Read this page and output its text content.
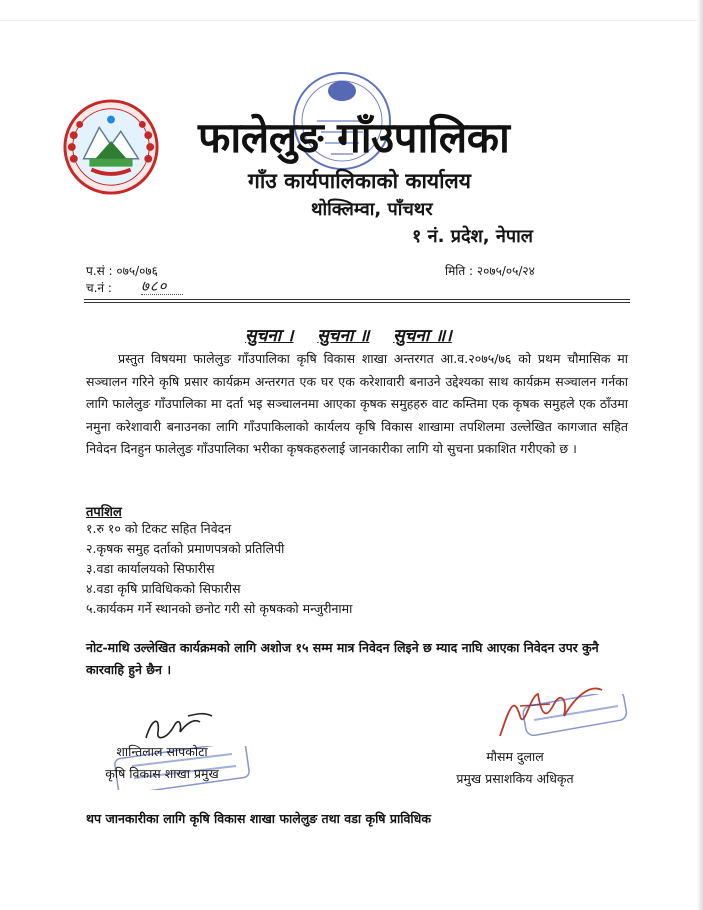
फालेलुङ गाँउपालिका
गाँउ कार्यपालिकाको कार्यालय
थोक्लिम्वा, पाँचथर
१ नं. प्रदेश, नेपाल
प.सं : ०७५/०७६
च.नं : ७८०
मिति : २०७५/०५/२४
सुचना । सुचना ॥ सुचना ॥।
प्रस्तुत विषयमा फालेलुङ गाँउपालिका कृषि विकास शाखा अन्तरगत आ.व.२०७५/७६ को प्रथम चौमासिक मा सञ्चालन गरिने कृषि प्रसार कार्यक्रम अन्तरगत एक घर एक करेशावारी बनाउने उद्देश्यका साथ कार्यक्रम सञ्चालन गर्नका लागि फालेलुङ गाँउपालिका मा दर्ता भइ सञ्चालनमा आएका कृषक समुहहरु वाट कम्तिमा एक कृषक समुहले एक ठाँउमा नमुना करेशावारी बनाउनका लागि गाँउपाकिलाको कार्यलय कृषि विकास शाखामा तपशिलमा उल्लेखित कागजात सहित निवेदन दिनहुन फालेलुङ गाँउपालिका भरीका कृषकहरुलाई जानकारीका लागि यो सुचना प्रकाशित गरीएको छ ।
तपशिल
१.रु १० को टिकट सहित निवेदन
२.कृषक समुह दर्ताको प्रमाणपत्रको प्रतिलिपी
३.वडा कार्यालयको सिफारीस
४.वडा कृषि प्राविधिकको सिफारीस
५.कार्यकम गर्ने स्थानको छनोट गरी सो कृषकको मन्जुरीनामा
नोट-माथि उल्लेखित कार्यक्रमको लागि अशोज १५ सम्म मात्र निवेदन लिइने छ म्याद नाघि आएका निवेदन उपर कुनै कारवाहि हुने छैन ।
शान्तिलाल सापकोटा
कृषि विकास शाखा प्रमुख
मौसम दुलाल
प्रमुख प्रसाशकिय अधिकृत
थप जानकारीका लागि कृषि विकास शाखा फालेलुङ तथा वडा कृषि प्राविधिक
